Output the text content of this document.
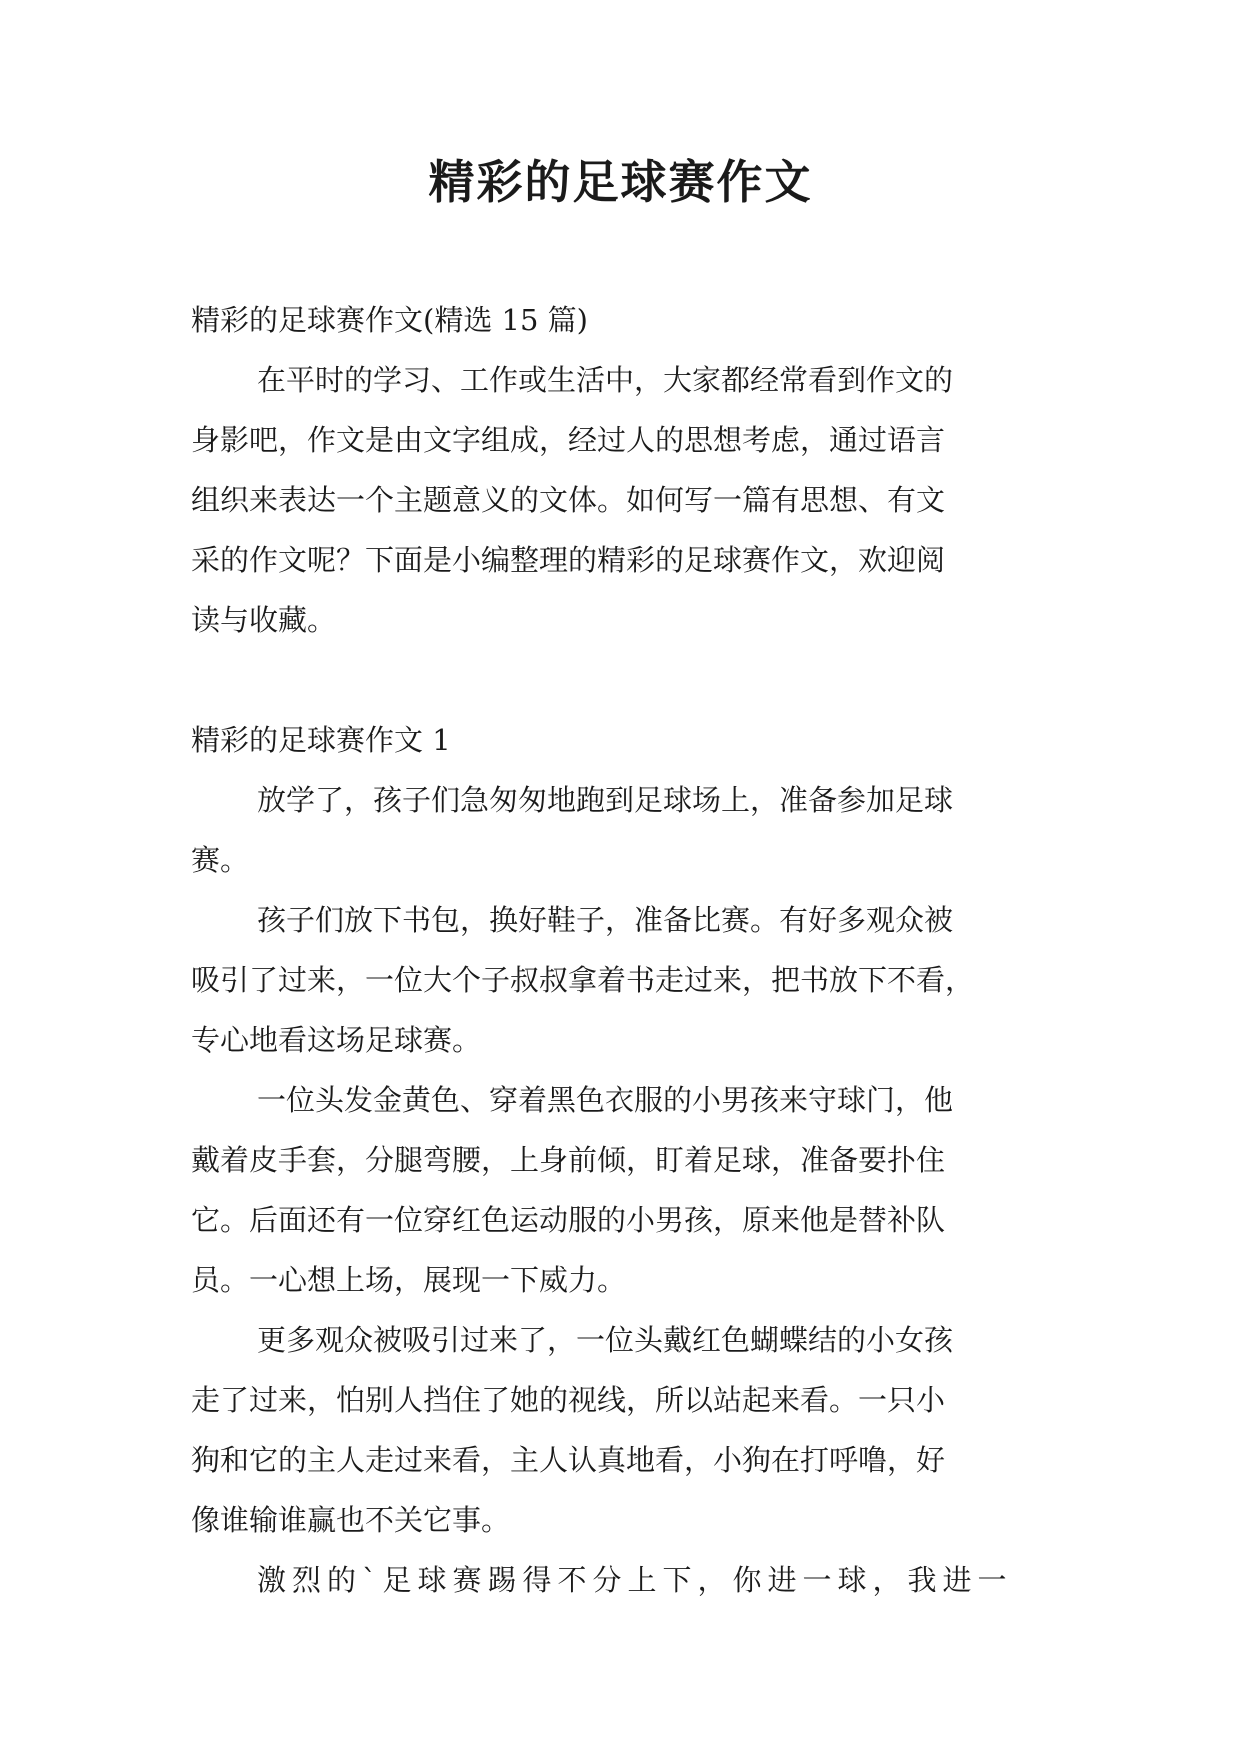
精彩的足球赛作文

精彩的足球赛作文(精选 15 篇)

在平时的学习、工作或生活中，大家都经常看到作文的

身影吧，作文是由文字组成，经过人的思想考虑，通过语言

组织来表达一个主题意义的文体。如何写一篇有思想、有文

采的作文呢？下面是小编整理的精彩的足球赛作文，欢迎阅

读与收藏。

精彩的足球赛作文 1

放学了，孩子们急匆匆地跑到足球场上，准备参加足球

赛。

孩子们放下书包，换好鞋子，准备比赛。有好多观众被

吸引了过来，一位大个子叔叔拿着书走过来，把书放下不看，

专心地看这场足球赛。

一位头发金黄色、穿着黑色衣服的小男孩来守球门，他

戴着皮手套，分腿弯腰，上身前倾，盯着足球，准备要扑住

它。后面还有一位穿红色运动服的小男孩，原来他是替补队

员。一心想上场，展现一下威力。

更多观众被吸引过来了，一位头戴红色蝴蝶结的小女孩

走了过来，怕别人挡住了她的视线，所以站起来看。一只小

狗和它的主人走过来看，主人认真地看，小狗在打呼噜，好

像谁输谁赢也不关它事。

激烈的`足球赛踢得不分上下，你进一球，我进一
